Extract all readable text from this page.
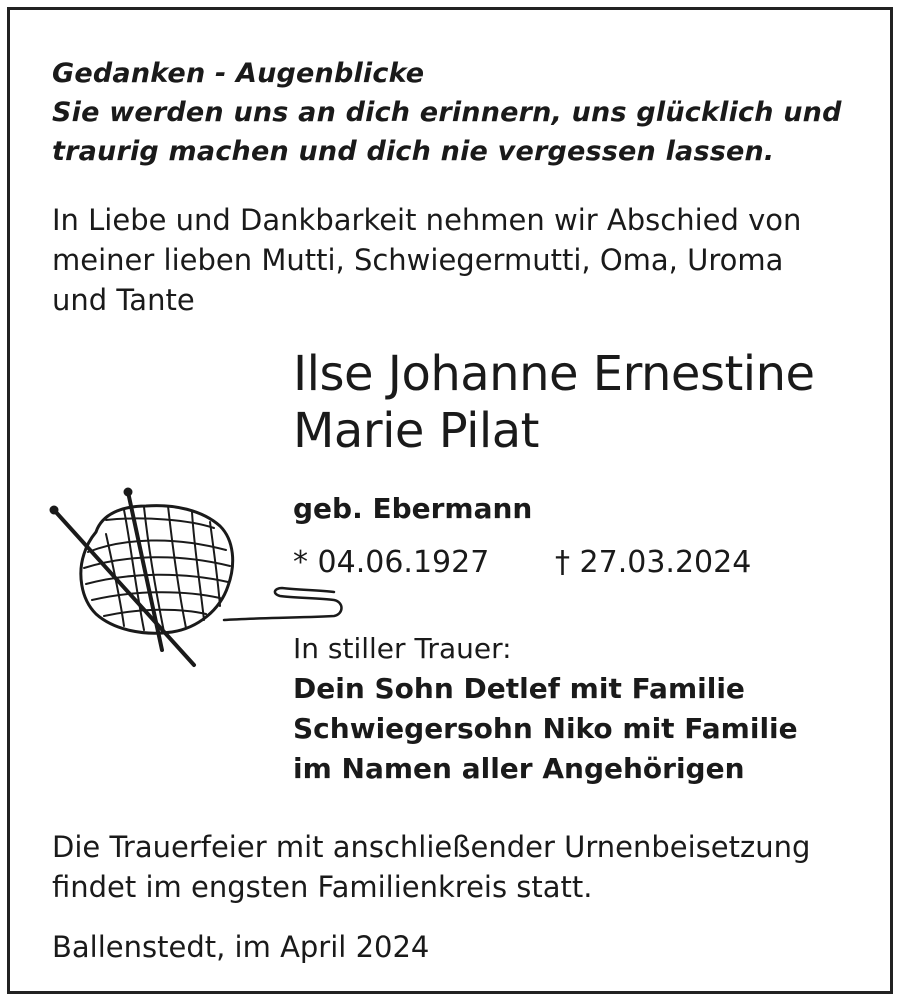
Gedanken - Augenblicke
Sie werden uns an dich erinnern, uns glücklich und
traurig machen und dich nie vergessen lassen.
In Liebe und Dankbarkeit nehmen wir Abschied von
meiner lieben Mutti, Schwiegermutti, Oma, Uroma
und Tante
Ilse Johanne Ernestine
Marie Pilat
geb. Ebermann
* 04.06.1927 † 27.03.2024
In stiller Trauer:
Dein Sohn Detlef mit Familie
Schwiegersohn Niko mit Familie
im Namen aller Angehörigen
Die Trauerfeier mit anschließender Urnenbeisetzung
findet im engsten Familienkreis statt.
Ballenstedt, im April 2024
